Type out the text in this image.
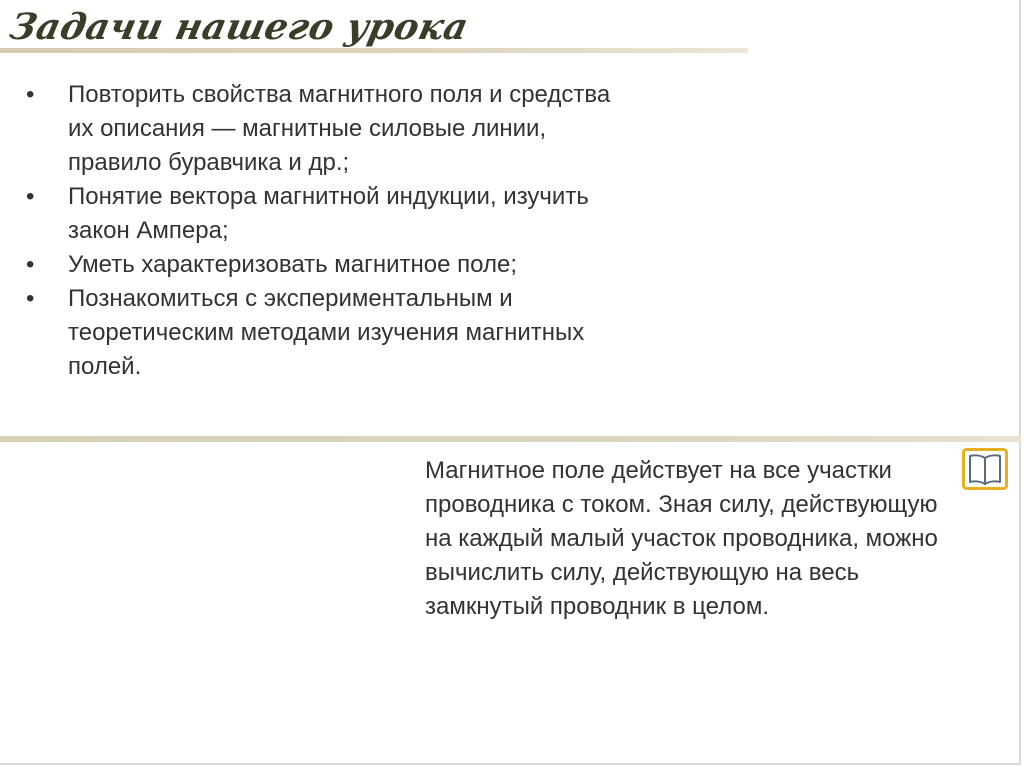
Задачи нашего урока
• Повторить свойства магнитного поля и средства их описания — магнитные силовые линии, правило буравчика и др.;
• Понятие вектора магнитной индукции, изучить закон Ампера;
• Уметь характеризовать магнитное поле;
• Познакомиться с экспериментальным и теоретическим методами изучения магнитных полей.

Магнитное поле действует на все участки проводника с током. Зная силу, действующую на каждый малый участок проводника, можно вычислить силу, действующую на весь замкнутый проводник в целом.
